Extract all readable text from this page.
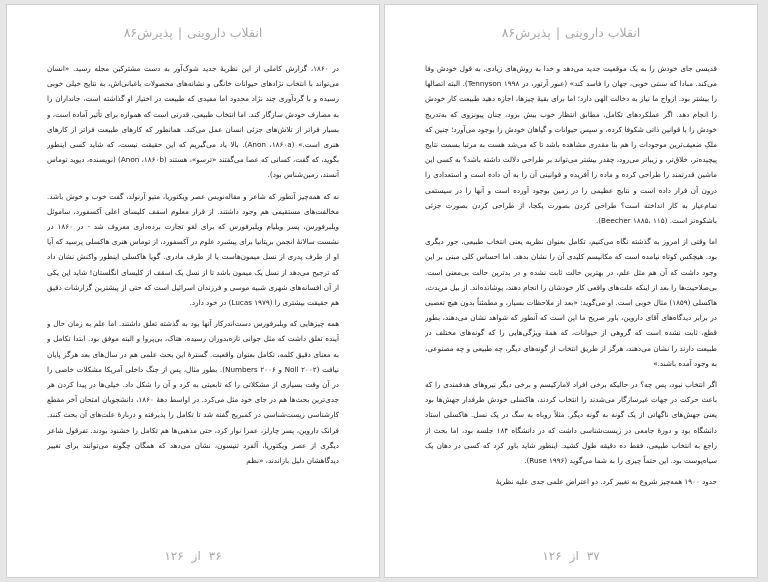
انقلاب داروینی|پذیرش۸۶

در ۱۸۶۰، گزارش کاملی از این نظریهٔ جدید شوک‌آور به دست مشترکین مجله رسید. «انسان می‌تواند با انتخاب نژادهای حیوانات خانگی و نشانه‌های محصولات باغبانی‌اش، به نتایج خیلی خوبی رسیده و با گردآوری چند نژاد محدود اما مفیدی که طبیعت در اختیار او گذاشته است، جانداران را به مصارف خودش سازگار کند. اما انتخاب طبیعی، قدرتی است که همواره برای تأثیر آماده است، و بسیار فراتر از تلاش‌های جزئی انسان عمل می‌کند. همانطور که کارهای طبیعت فراتر از کارهای هنری است.» (Anon ،۱۸۶۰a). بالا یاد می‌گیریم که این حقیقت نیست، که شاید کسی اینطور بگوید، که گفت، کسانی که عصا می‌گفتند «ترسو»، هستند (Anon ،۱۸۶۰b) (نویسنده، دیوید توماس آنستد، زمین‌شناس بود).

نه که همه‌چیز آنطور که شاعر و مقاله‌نویس عصر ویکتوریا، متیو آرنولد، گفت خوب و خوش باشد. مخالفت‌های مستقیمی هم وجود داشتند. از قرار معلوم اسقف کلیسای اعلی آکسفورد، ساموئل ویلبرفورس، پسر ویلیام ویلبرفورس که برای لغو تجارت برده‌داری معروف شد - در ۱۸۶۰ در نشست سالانهٔ انجمن بریتانیا برای پیشبرد علوم در آکسفورد، از توماس هنری هاکسلی پرسید که آیا او از طرف پدری از نسل میمون‌هاست یا از طرف مادری. گویا هاکسلی اینطور واکنش نشان داد که ترجیح می‌دهد از نسل یک میمون باشد تا از نسل یک اسقف از کلیسای انگلستان! شاید این یکی از آن افسانه‌های شهری شبیه موسی و فرزندان اسرائیل است که حتی از پیشترین گزارشات دقیق هم حقیقت بیشتری را (Lucas ۱۹۷۹) در خود دارد.

همه چیزهایی که ویلبرفورس دست‌اندرکار آنها بود به گذشته تعلق داشتند. اما علم به زمان حال و آینده تعلق داشت که مثل جوانی تازه‌بدوران رسیده، هتاک، بی‌پروا و البته موفق بود. ابتدا تکامل و به معنای دقیق کلمه، تکامل بعنوان واقعیت. گسترهٔ این بحث علمی هم در سال‌های بعد هرگز پایان نیافت (Noll ۲۰۰۲ و Numbers ۲۰۰۶). بطور مثال، پس از جنگ داخلی آمریکا مشکلات خاصی را در آن وقت بسیاری از مشکلاتی را که تابعیتی به کرد و آن را شکل داد. خیلی‌ها در پیدا کردن هر جدی‌ترین بحث‌ها هم در جای خود مثل می‌کرد. در اواسط دههٔ ۱۸۶۰، دانشجویان امتحان آخر مقطع کارشناسی زیست‌شناسی در کمبریج گفته شد تا تکامل را پذیرفته و دربارهٔ علت‌های آن بحث کنند. فرانک داروین، پسر چارلز، عمرا نوار کرد، حتی مذهبی‌ها هم تکامل را خشنود بودند. تفرقول شاعر دیگری از عصر ویکتوریا، آلفرد تنیسون، نشان می‌دهد که همگان چگونه می‌توانند برای تغییر دیدگاهشان دلیل بازاندند، «نظم

۳۶از۱۲۶
انقلاب داروینی|پذیرش۸۶

قدیسی جای خودش را به یک موقعیت جدید می‌دهد و خدا به روش‌های زیادی، به قول خودش وفا می‌کند. مبادا که سنتی خوبی، جهان را فاسد کند» (عبور آرتور، در ۱۹۹۸ Tennyson). البته اتصالها را بیشتر بود. ازواج ما نیاز به دخالت الهی دارد؛ اما برای بقیهٔ چیزها، اجازه دهید طبیعت کار خودش را انجام دهد. اگر عملکردهای تکامل، مطابق انتظار خوب بیش برود، چنان پیونزوی که به‌تدریج خودش را با قوانین ذاتی شکوفا کرده، و سپس حیوانات و گیاهان خودش را بوجود می‌آورد؛ چنین که ملکِ ضعیف‌ترین موجودات را هم بنا مقدری مشاهده باشد تا که می‌شد هست به مرتبا بسمت نتایج پیچیده‌تر، خلاق‌تر، و زیباتر می‌رود، چقدر بیشتر می‌تواند بر طراحی دلالت داشته باشد؟ به کسی این ماشین قدرتمند را طراحی کرده و ماده را آفریده و قوانینی آن را به آن داده است و استعدادی را درون آن قرار داده است و نتایج عظیمی را در زمین بوجود آورده است و آنها را در سیستمی تمام‌عیار به کار انداخته است؟ طراحی کردن بصورت یکجا، از طراحی کردن بصورت جزئی باشکوه‌تر است. (Beecher ۱۸۸۵، ۱۱۵).

اما وقتی از امروز به گذشته نگاه می‌کنیم، تکامل بعنوان نظریه یعنی انتخاب طبیعی، جور دیگری بود. هیچکس کوتاه نیامده است که مکانیسم کلیدی آن را نشان بدهد. اما احساس کلی مبنی بر این وجود داشت که آن هم مثل علم، در بهترین حالت ثابت نشده و در بدترین حالت بی‌معنی است. بی‌صلاحیت‌ها را بعد از اینکه علت‌های واقعی کار خودشان را انجام دهند، پوشانده‌اند. از بیل مریدث، هاکسلی (۱۸۵۹) مثال خوبی است. او می‌گوید: «بعد از ملاحظات بسیار، و مطمئناً بدون هیچ تعصبی در برابر دیدگاه‌های آقای داروین، باور صریح ما این است که آنطور که شواهد نشان می‌دهند، بطور قطع، ثابت نشده است که گروهی از حیوانات، که همهٔ ویژگی‌هایی را که گونه‌های مختلف در طبیعت دارند را نشان می‌دهند، هرگز از طریق انتخاب از گونه‌های دیگر، چه طبیعی و چه مصنوعی، به وجود آمده باشند.»

اگر انتخاب نبود، پس چه؟ در حالیکه برخی افراد لامارکیسم و برخی دیگر نیروهای هدفمندی را که باعث حرکت در جهات غیرسازگار می‌شدند را انتخاب کردند، هاکسلی خودش طرفدار جهش‌ها بود یعنی جهش‌های ناگهانی از یک گونه به گونه دیگر. مثلاً روباه به سگ در یک نسل. هاکسلی استاد دانشگاه بود و دورهٔ جامعی در زیست‌شناسی داشت که در دانشگاه ۱۸۴ جلسه بود، اما بحث از راجع به انتخاب طبیعی، فقط ده دقیقه طول کشید. اینطور شاید باور کرد که کسی در دهان یک سیاه‌پوست بود. این حتماً چیزی را به شما می‌گوید (Ruse ۱۹۹۶).

حدود ۱۹۰۰ همه‌چیز شروع به تغییر کرد. دو اعتراض علمی جدی علیه نظریهٔ

۳۷از۱۲۶
